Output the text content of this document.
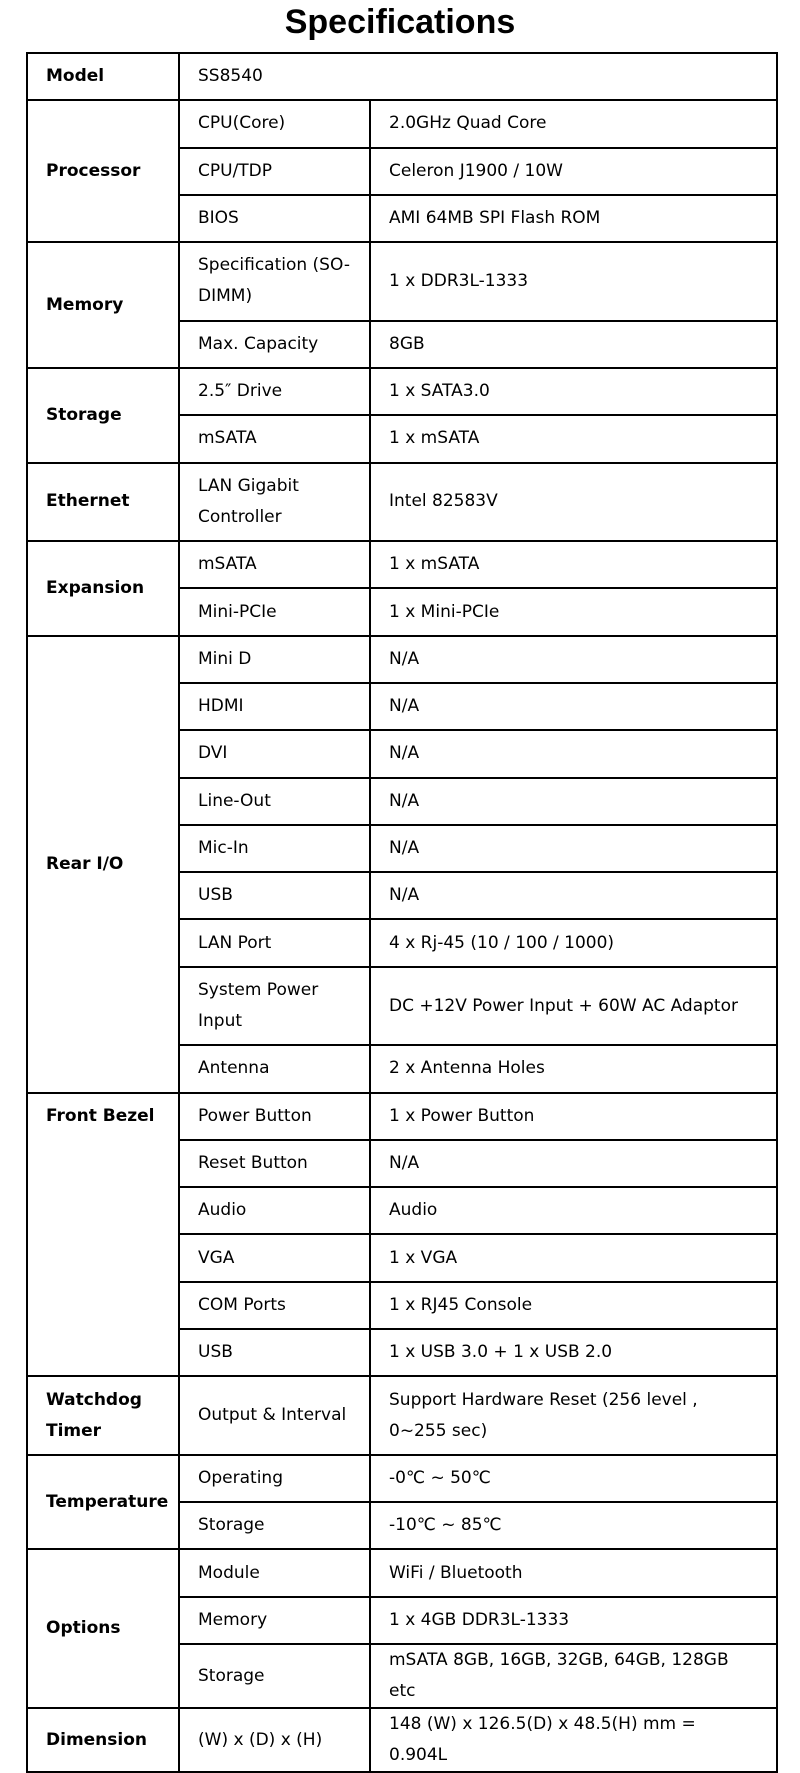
Specifications
Model	SS8540	
Processor	CPU(Core)	2.0GHz Quad Core
	CPU/TDP	Celeron J1900 / 10W
	BIOS	AMI 64MB SPI Flash ROM
Memory	Specification (SO-DIMM)	1 x DDR3L-1333
	Max. Capacity	8GB
Storage	2.5″ Drive	1 x SATA3.0
	mSATA	1 x mSATA
Ethernet	LAN Gigabit Controller	Intel 82583V
Expansion	mSATA	1 x mSATA
	Mini-PCIe	1 x Mini-PCIe
Rear I/O	Mini D	N/A
	HDMI	N/A
	DVI	N/A
	Line-Out	N/A
	Mic-In	N/A
	USB	N/A
	LAN Port	4 x Rj-45 (10 / 100 / 1000)
	System Power Input	DC +12V Power Input + 60W AC Adaptor
	Antenna	2 x Antenna Holes
Front Bezel	Power Button	1 x Power Button
	Reset Button	N/A
	Audio	Audio
	VGA	1 x VGA
	COM Ports	1 x RJ45 Console
	USB	1 x USB 3.0 + 1 x USB 2.0
Watchdog Timer	Output & Interval	Support Hardware Reset (256 level , 0~255 sec)
Temperature	Operating	-0℃ ~ 50℃
	Storage	-10℃ ~ 85℃
Options	Module	WiFi / Bluetooth
	Memory	1 x 4GB DDR3L-1333
	Storage	mSATA 8GB, 16GB, 32GB, 64GB, 128GB etc
Dimension	(W) x (D) x (H)	148 (W) x 126.5(D) x 48.5(H) mm = 0.904L
